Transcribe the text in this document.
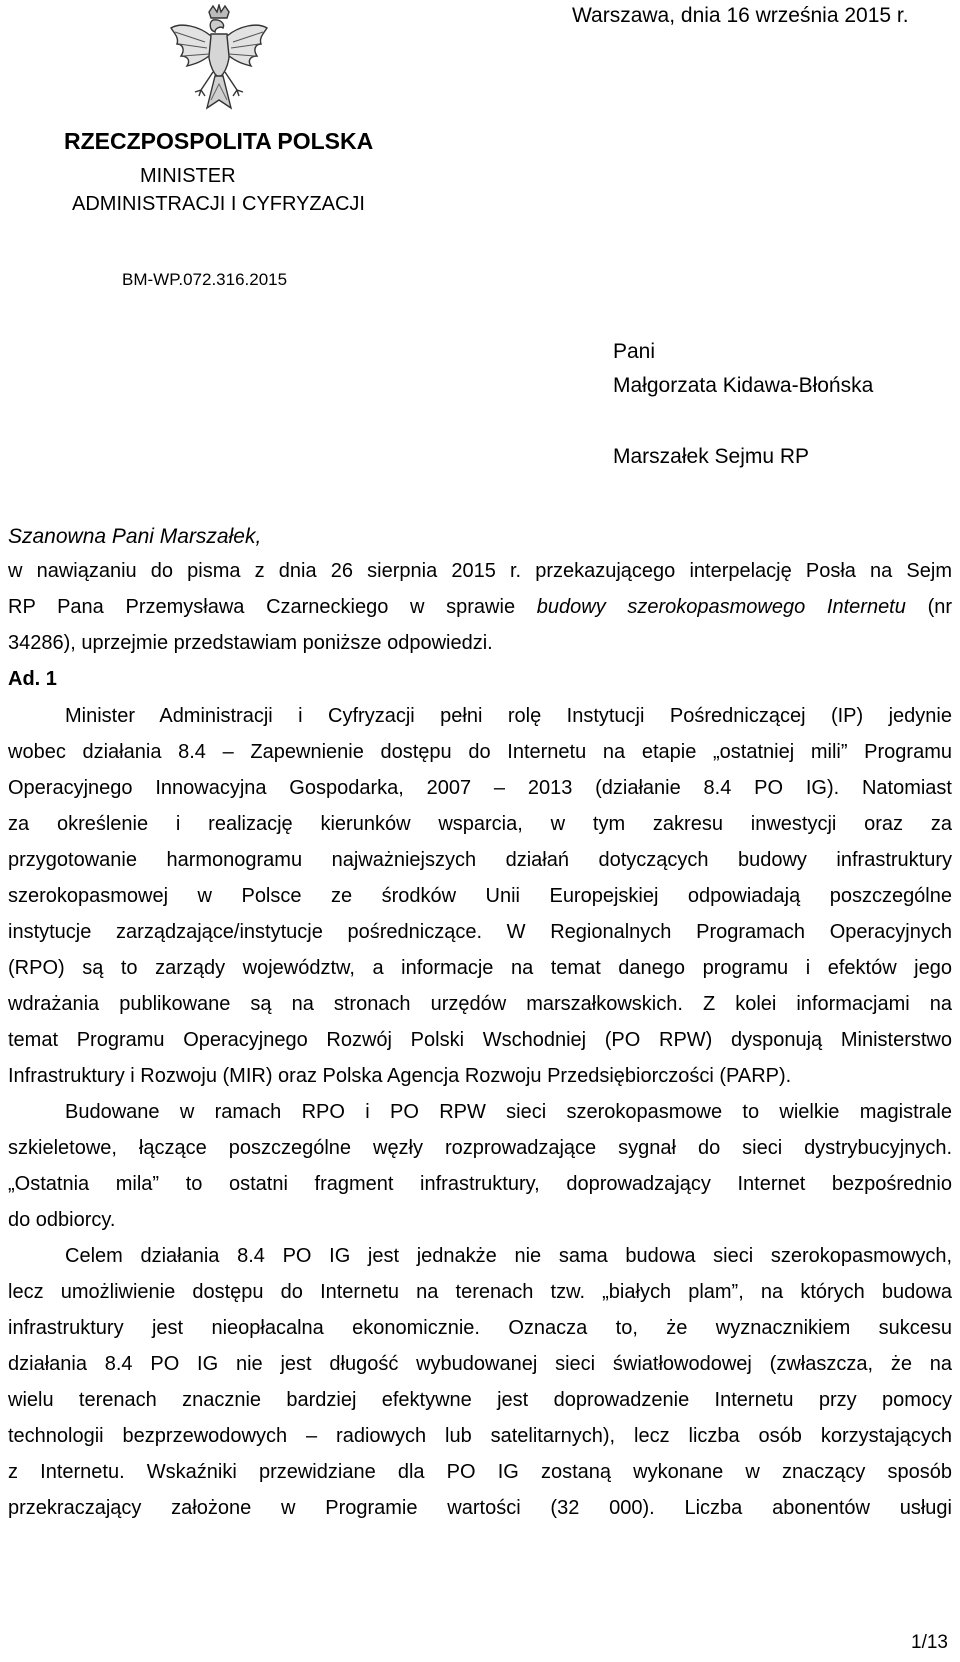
Warszawa, dnia 16 września 2015 r.
RZECZPOSPOLITA POLSKA
MINISTER
ADMINISTRACJI I CYFRYZACJI
BM-WP.072.316.2015
Pani
Małgorzata Kidawa-Błońska
Marszałek Sejmu RP
Szanowna Pani Marszałek,
w nawiązaniu do pisma z dnia 26 sierpnia 2015 r. przekazującego interpelację Posła na Sejm
RP Pana Przemysława Czarneckiego w sprawie budowy szerokopasmowego Internetu (nr
34286), uprzejmie przedstawiam poniższe odpowiedzi.
Ad. 1
Minister Administracji i Cyfryzacji pełni rolę Instytucji Pośredniczącej (IP) jedynie
wobec działania 8.4 – Zapewnienie dostępu do Internetu na etapie „ostatniej mili” Programu
Operacyjnego Innowacyjna Gospodarka, 2007 – 2013 (działanie 8.4 PO IG). Natomiast
za określenie i realizację kierunków wsparcia, w tym zakresu inwestycji oraz za
przygotowanie harmonogramu najważniejszych działań dotyczących budowy infrastruktury
szerokopasmowej w Polsce ze środków Unii Europejskiej odpowiadają poszczególne
instytucje zarządzające/instytucje pośredniczące. W Regionalnych Programach Operacyjnych
(RPO) są to zarządy województw, a informacje na temat danego programu i efektów jego
wdrażania publikowane są na stronach urzędów marszałkowskich. Z kolei informacjami na
temat Programu Operacyjnego Rozwój Polski Wschodniej (PO RPW) dysponują Ministerstwo
Infrastruktury i Rozwoju (MIR) oraz Polska Agencja Rozwoju Przedsiębiorczości (PARP).
Budowane w ramach RPO i PO RPW sieci szerokopasmowe to wielkie magistrale
szkieletowe, łączące poszczególne węzły rozprowadzające sygnał do sieci dystrybucyjnych.
„Ostatnia mila” to ostatni fragment infrastruktury, doprowadzający Internet bezpośrednio
do odbiorcy.
Celem działania 8.4 PO IG jest jednakże nie sama budowa sieci szerokopasmowych,
lecz umożliwienie dostępu do Internetu na terenach tzw. „białych plam”, na których budowa
infrastruktury jest nieopłacalna ekonomicznie. Oznacza to, że wyznacznikiem sukcesu
działania 8.4 PO IG nie jest długość wybudowanej sieci światłowodowej (zwłaszcza, że na
wielu terenach znacznie bardziej efektywne jest doprowadzenie Internetu przy pomocy
technologii bezprzewodowych – radiowych lub satelitarnych), lecz liczba osób korzystających
z Internetu. Wskaźniki przewidziane dla PO IG zostaną wykonane w znaczący sposób
przekraczający założone w Programie wartości (32 000). Liczba abonentów usługi
1/13
